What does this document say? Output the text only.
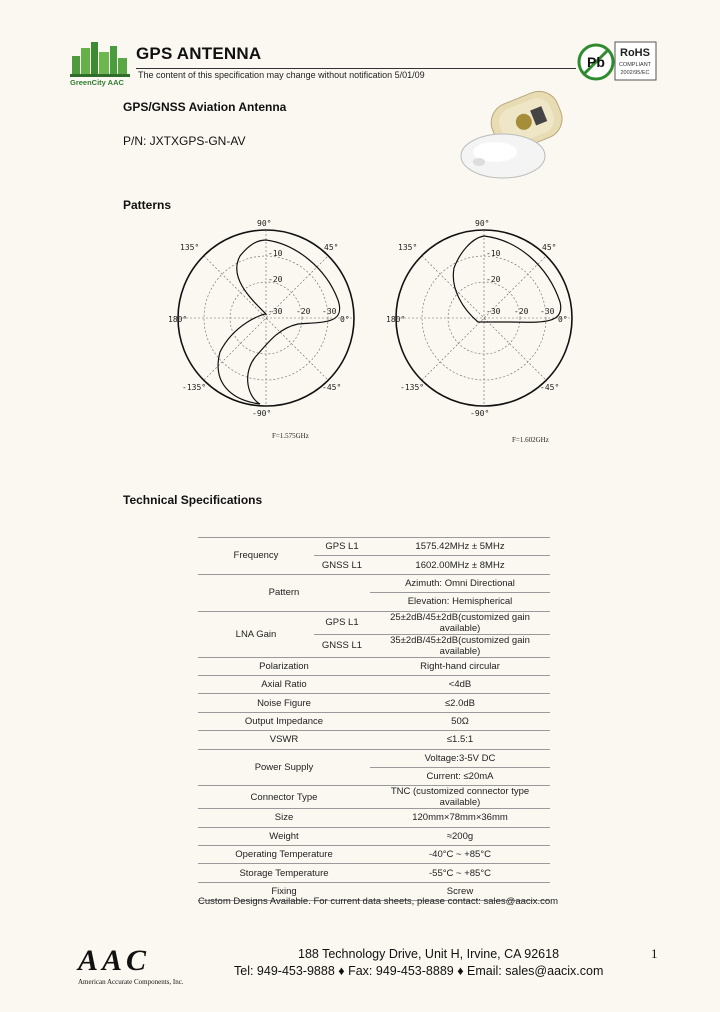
GreenCity AAC
GPS ANTENNA
The content of this specification may change without notification 5/01/09
Pb
RoHS
COMPLIANT
2002/95/EC
GPS/GNSS Aviation Antenna
P/N: JXTXGPS-GN-AV
Patterns
90°
45°
0°
-45°
-90°
-135°
180°
135°
-10
-20
-30 -20 -30
F=1.575GHz
90°
45°
0°
-45°
-90°
-135°
180°
135°
-10
-20
-30 -20 -30
F=1.602GHz
Technical Specifications
Frequency	GPS L1	1575.42MHz ± 5MHz
	GNSS L1	1602.00MHz ± 8MHz
Pattern		Azimuth: Omni Directional
		Elevation: Hemispherical
LNA Gain	GPS L1	25±2dB/45±2dB(customized gain available)
	GNSS L1	35±2dB/45±2dB(customized gain available)
Polarization		Right-hand circular
Axial Ratio		<4dB
Noise Figure		≤2.0dB
Output Impedance		50Ω
VSWR		≤1.5:1
Power Supply		Voltage:3-5V DC
		Current: ≤20mA
Connector Type		TNC (customized connector type available)
Size		120mm×78mm×36mm
Weight		≈200g
Operating Temperature		-40°C ~ +85°C
Storage Temperature		-55°C ~ +85°C
Fixing		Screw
Custom Designs Available. For current data sheets, please contact: sales@aacix.com
AAC
American Accurate Components, Inc.
188 Technology Drive, Unit H, Irvine, CA 92618
Tel: 949-453-9888 ♦ Fax: 949-453-8889 ♦ Email: sales@aacix.com
1
